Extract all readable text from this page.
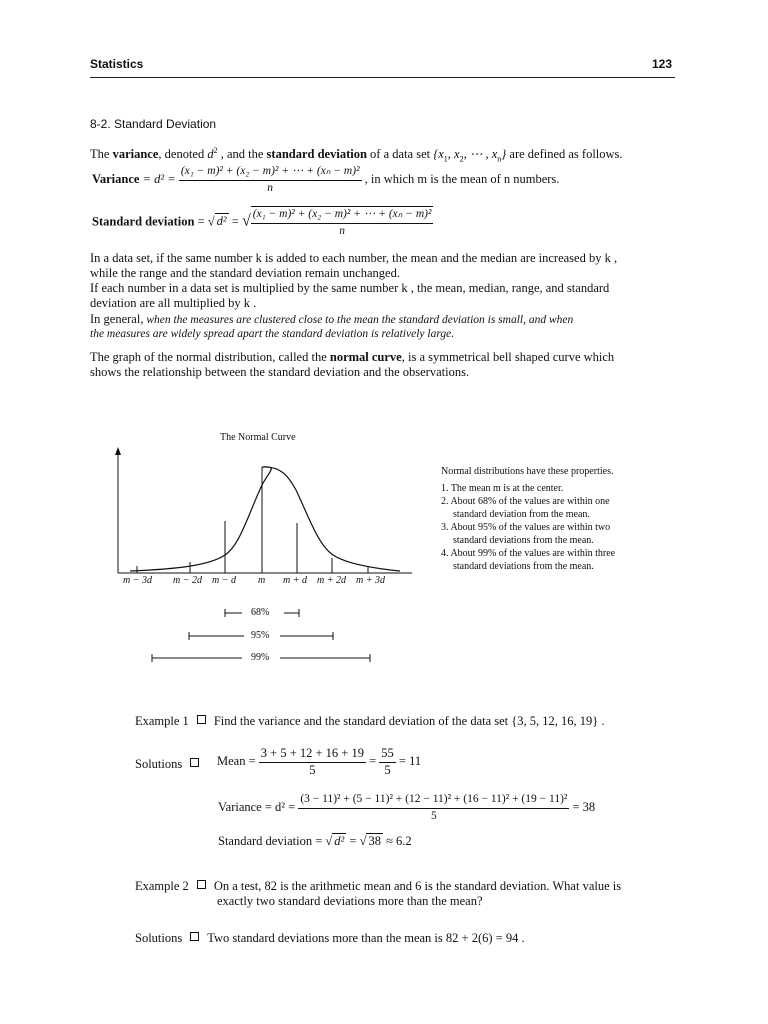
Statistics	123
8-2. Standard Deviation
The variance, denoted $d^2$ , and the standard deviation of a data set {$x_1$, $x_2$, ⋯ , $x_n$} are defined as follows.
Variance = $d^2 = \frac{\text{(x₁ − m)² + (x₂ − m)² + ⋯ + (xₙ − m)²}}{n}$ , in which m is the mean of n numbers.
Standard deviation = √ d² = √ $\frac{\text{(x₁ − m)² + (x₂ − m)² + ⋯ + (xₙ − m)²}}{n}$
In a data set, if the same number k is added to each number, the mean and the median are increased by k ,
while the range and the standard deviation remain unchanged.
If each number in a data set is multiplied by the same number k , the mean, median, range, and standard
deviation are all multiplied by k .
In general, when the measures are clustered close to the mean the standard deviation is small, and when
the measures are widely spread apart the standard deviation is relatively large.
The graph of the normal distribution, called the normal curve, is a symmetrical bell shaped curve which
shows the relationship between the standard deviation and the observations.
The Normal Curve
m − 3d m − 2d m − d m m + d m + 2d m + 3d
68%
95%
99%
Normal distributions have these properties.
1. The mean m is at the center.
2. About 68% of the values are within one
standard deviation from the mean.
3. About 95% of the values are within two
standard deviations from the mean.
4. About 99% of the values are within three
standard deviations from the mean.
Example 1 Find the variance and the standard deviation of the data set {3, 5, 12, 16, 19} .
Solutions	Mean = $\frac{3 + 5 + 12 + 16 + 19}{5} = \frac{55}{5} = 11$
Variance = $d^2 = \frac{\text{(3 − 11)² + (5 − 11)² + (12 − 11)² + (16 − 11)² + (19 − 11)²}}{5} = 38$
Standard deviation = √ d² = √ 38 ≈ 6.2
Example 2 On a test, 82 is the arithmetic mean and 6 is the standard deviation. What value is
exactly two standard deviations more than the mean?
Solutions Two standard deviations more than the mean is 82 + 2(6) = 94 .
